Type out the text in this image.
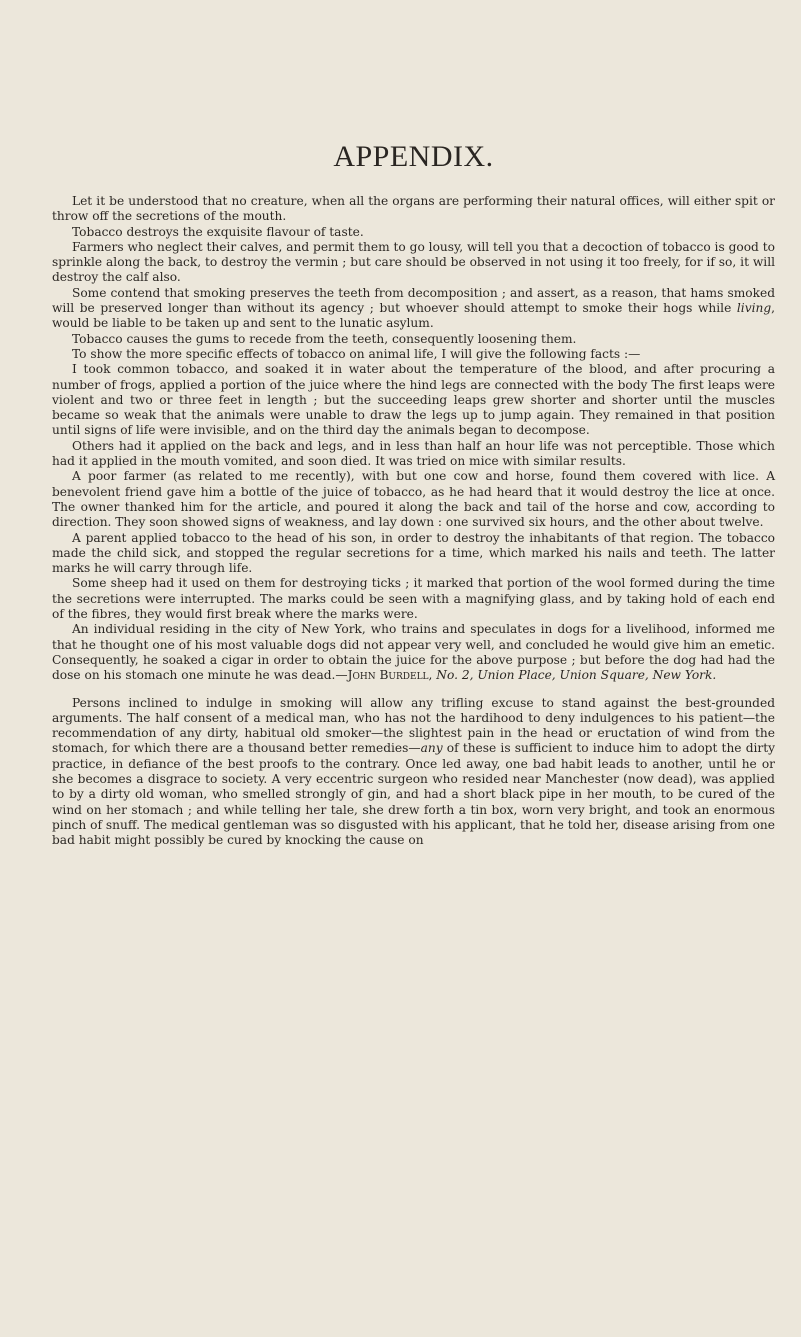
APPENDIX.

Let it be understood that no creature, when all the organs are performing their natural offices, will either spit or throw off the secretions of the mouth.

Tobacco destroys the exquisite flavour of taste.

Farmers who neglect their calves, and permit them to go lousy, will tell you that a decoction of tobacco is good to sprinkle along the back, to destroy the vermin ; but care should be observed in not using it too freely, for if so, it will destroy the calf also.

Some contend that smoking preserves the teeth from decomposition ; and assert, as a reason, that hams smoked will be preserved longer than without its agency ; but whoever should attempt to smoke their hogs while living, would be liable to be taken up and sent to the lunatic asylum.

Tobacco causes the gums to recede from the teeth, consequently loosening them.

To show the more specific effects of tobacco on animal life, I will give the following facts :—

I took common tobacco, and soaked it in water about the temperature of the blood, and after procuring a number of frogs, applied a portion of the juice where the hind legs are connected with the body The first leaps were violent and two or three feet in length ; but the succeeding leaps grew shorter and shorter until the muscles became so weak that the animals were unable to draw the legs up to jump again. They remained in that position until signs of life were invisible, and on the third day the animals began to decompose.

Others had it applied on the back and legs, and in less than half an hour life was not perceptible. Those which had it applied in the mouth vomited, and soon died. It was tried on mice with similar results.

A poor farmer (as related to me recently), with but one cow and horse, found them covered with lice. A benevolent friend gave him a bottle of the juice of tobacco, as he had heard that it would destroy the lice at once. The owner thanked him for the article, and poured it along the back and tail of the horse and cow, according to direction. They soon showed signs of weakness, and lay down : one survived six hours, and the other about twelve.

A parent applied tobacco to the head of his son, in order to destroy the inhabitants of that region. The tobacco made the child sick, and stopped the regular secretions for a time, which marked his nails and teeth. The latter marks he will carry through life.

Some sheep had it used on them for destroying ticks ; it marked that portion of the wool formed during the time the secretions were interrupted. The marks could be seen with a magnifying glass, and by taking hold of each end of the fibres, they would first break where the marks were.

An individual residing in the city of New York, who trains and speculates in dogs for a livelihood, informed me that he thought one of his most valuable dogs did not appear very well, and concluded he would give him an emetic. Consequently, he soaked a cigar in order to obtain the juice for the above purpose ; but before the dog had had the dose on his stomach one minute he was dead.—John Burdell, No. 2, Union Place, Union Square, New York.

Persons inclined to indulge in smoking will allow any trifling excuse to stand against the best-grounded arguments. The half consent of a medical man, who has not the hardihood to deny indulgences to his patient—the recommendation of any dirty, habitual old smoker—the slightest pain in the head or eructation of wind from the stomach, for which there are a thousand better remedies—any of these is sufficient to induce him to adopt the dirty practice, in defiance of the best proofs to the contrary. Once led away, one bad habit leads to another, until he or she becomes a disgrace to society. A very eccentric surgeon who resided near Manchester (now dead), was applied to by a dirty old woman, who smelled strongly of gin, and had a short black pipe in her mouth, to be cured of the wind on her stomach ; and while telling her tale, she drew forth a tin box, worn very bright, and took an enormous pinch of snuff. The medical gentleman was so disgusted with his applicant, that he told her, disease arising from one bad habit might possibly be cured by knocking the cause on
